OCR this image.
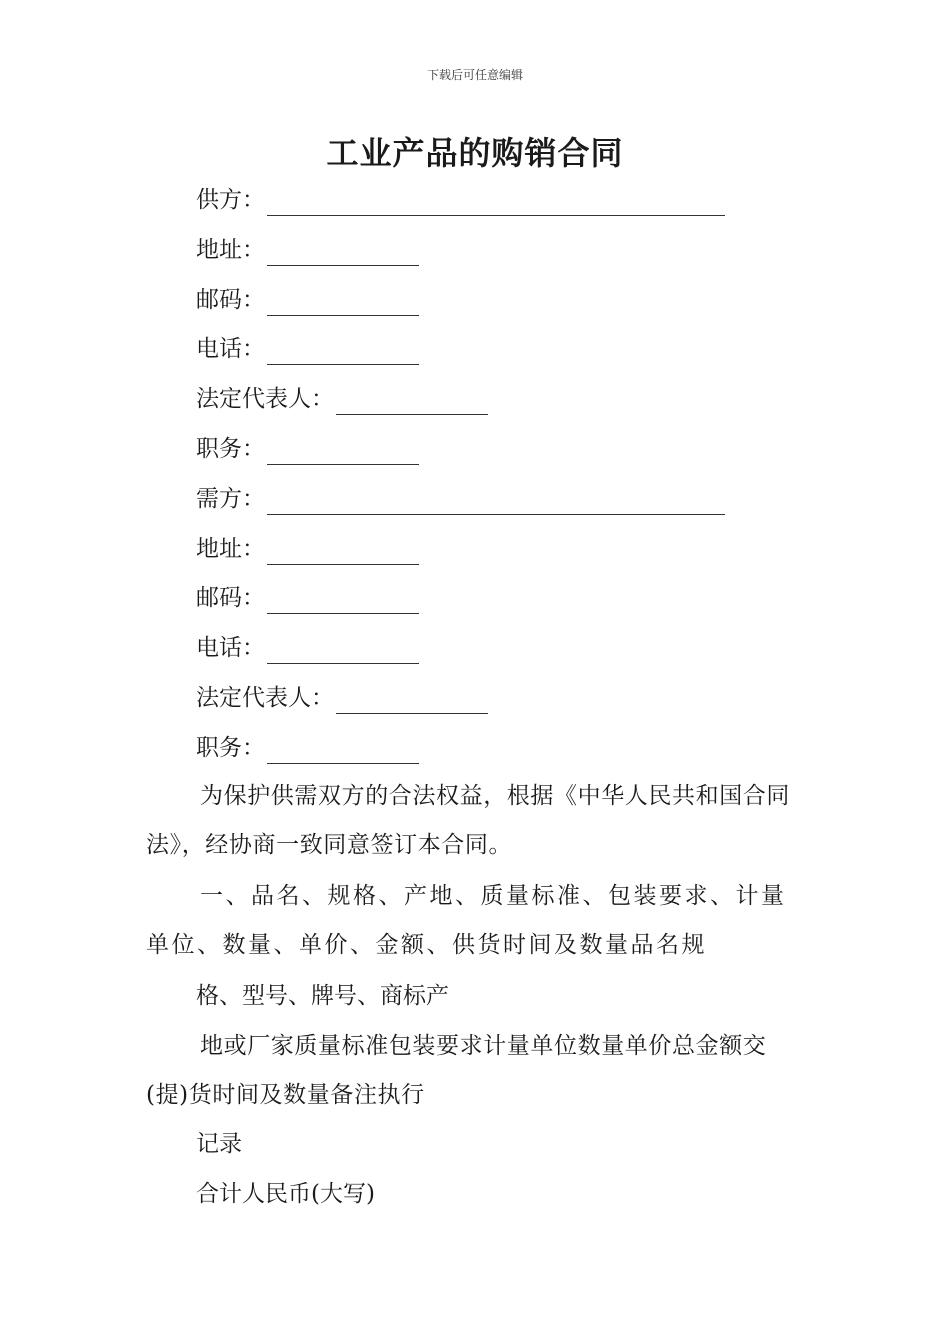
下载后可任意编辑
工业产品的购销合同
供方：
地址：
邮码：
电话：
法定代表人：
职务：
需方：
地址：
邮码：
电话：
法定代表人：
职务：

为保护供需双方的合法权益，根据《中华人民共和国合同法》，经协商一致同意签订本合同。

一、品名、规格、产地、质量标准、包装要求、计量单位、数量、单价、金额、供货时间及数量品名规

格、型号、牌号、商标产

地或厂家质量标准包装要求计量单位数量单价总金额交(提)货时间及数量备注执行

记录

合计人民币(大写)
